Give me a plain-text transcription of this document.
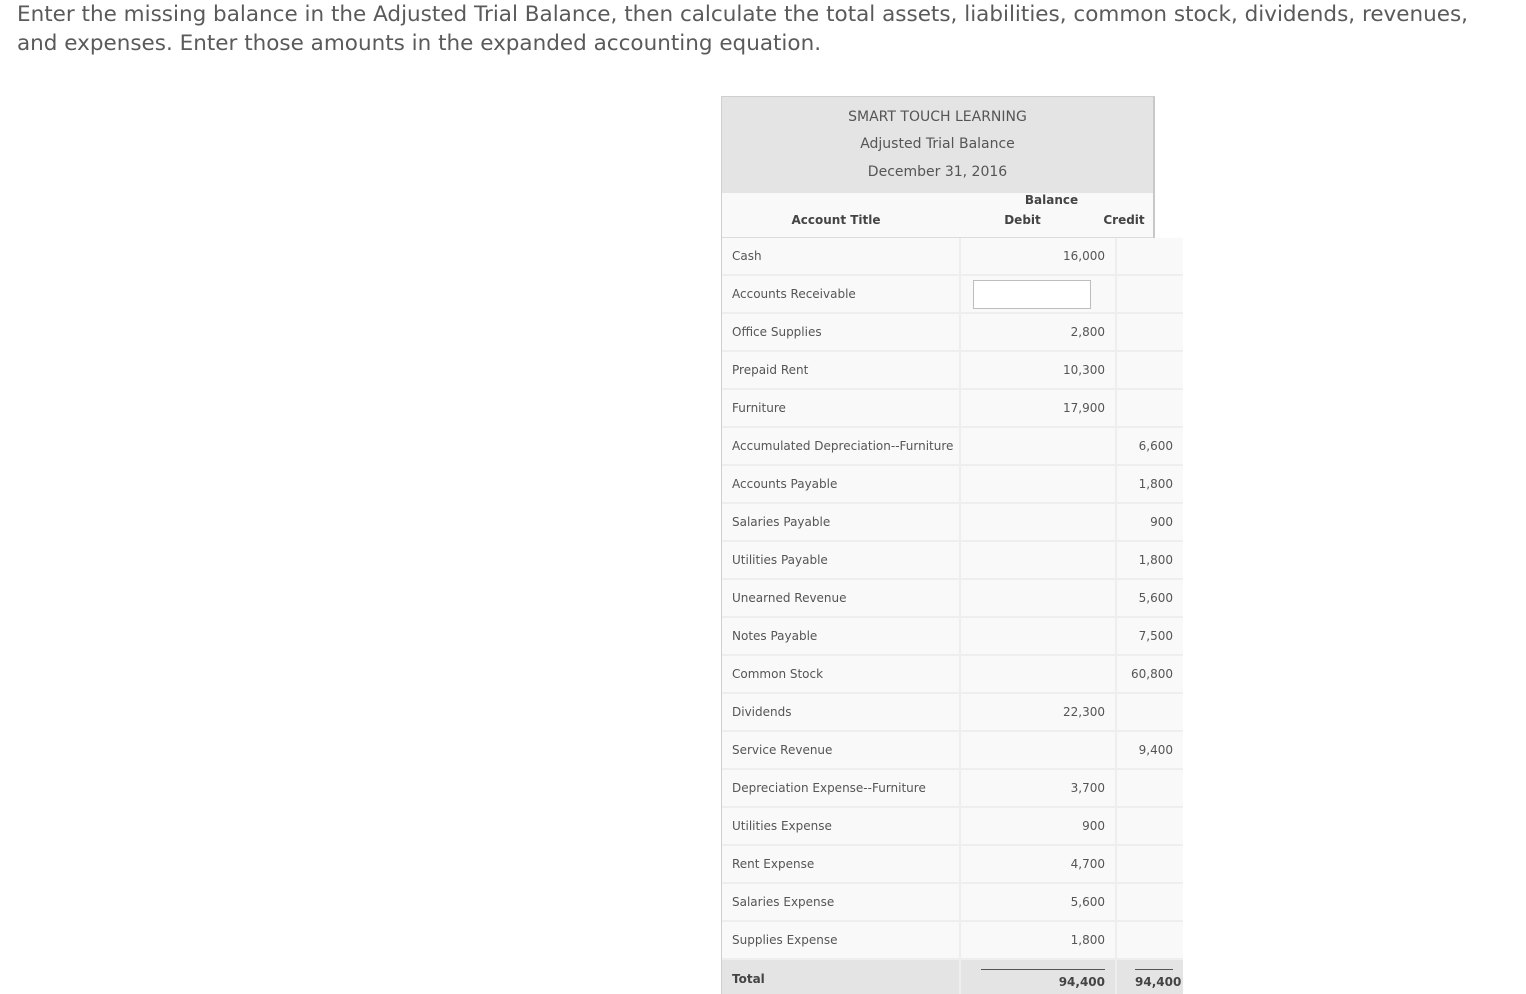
Enter the missing balance in the Adjusted Trial Balance, then calculate the total assets, liabilities, common stock, dividends, revenues, and expenses. Enter those amounts in the expanded accounting equation.
SMART TOUCH LEARNING
Adjusted Trial Balance
December 31, 2016
Account Title
Balance
Debit	Credit
Cash	16,000	
Accounts Receivable	

Office Supplies	2,800	
Prepaid Rent	10,300	
Furniture	17,900	
Accumulated Depreciation--Furniture		6,600
Accounts Payable		1,800
Salaries Payable		900
Utilities Payable		1,800
Unearned Revenue		5,600
Notes Payable		7,500
Common Stock		60,800
Dividends	22,300	
Service Revenue		9,400
Depreciation Expense--Furniture	3,700	
Utilities Expense	900	
Rent Expense	4,700	
Salaries Expense	5,600	
Supplies Expense	1,800	
Total	94,400	94,400
